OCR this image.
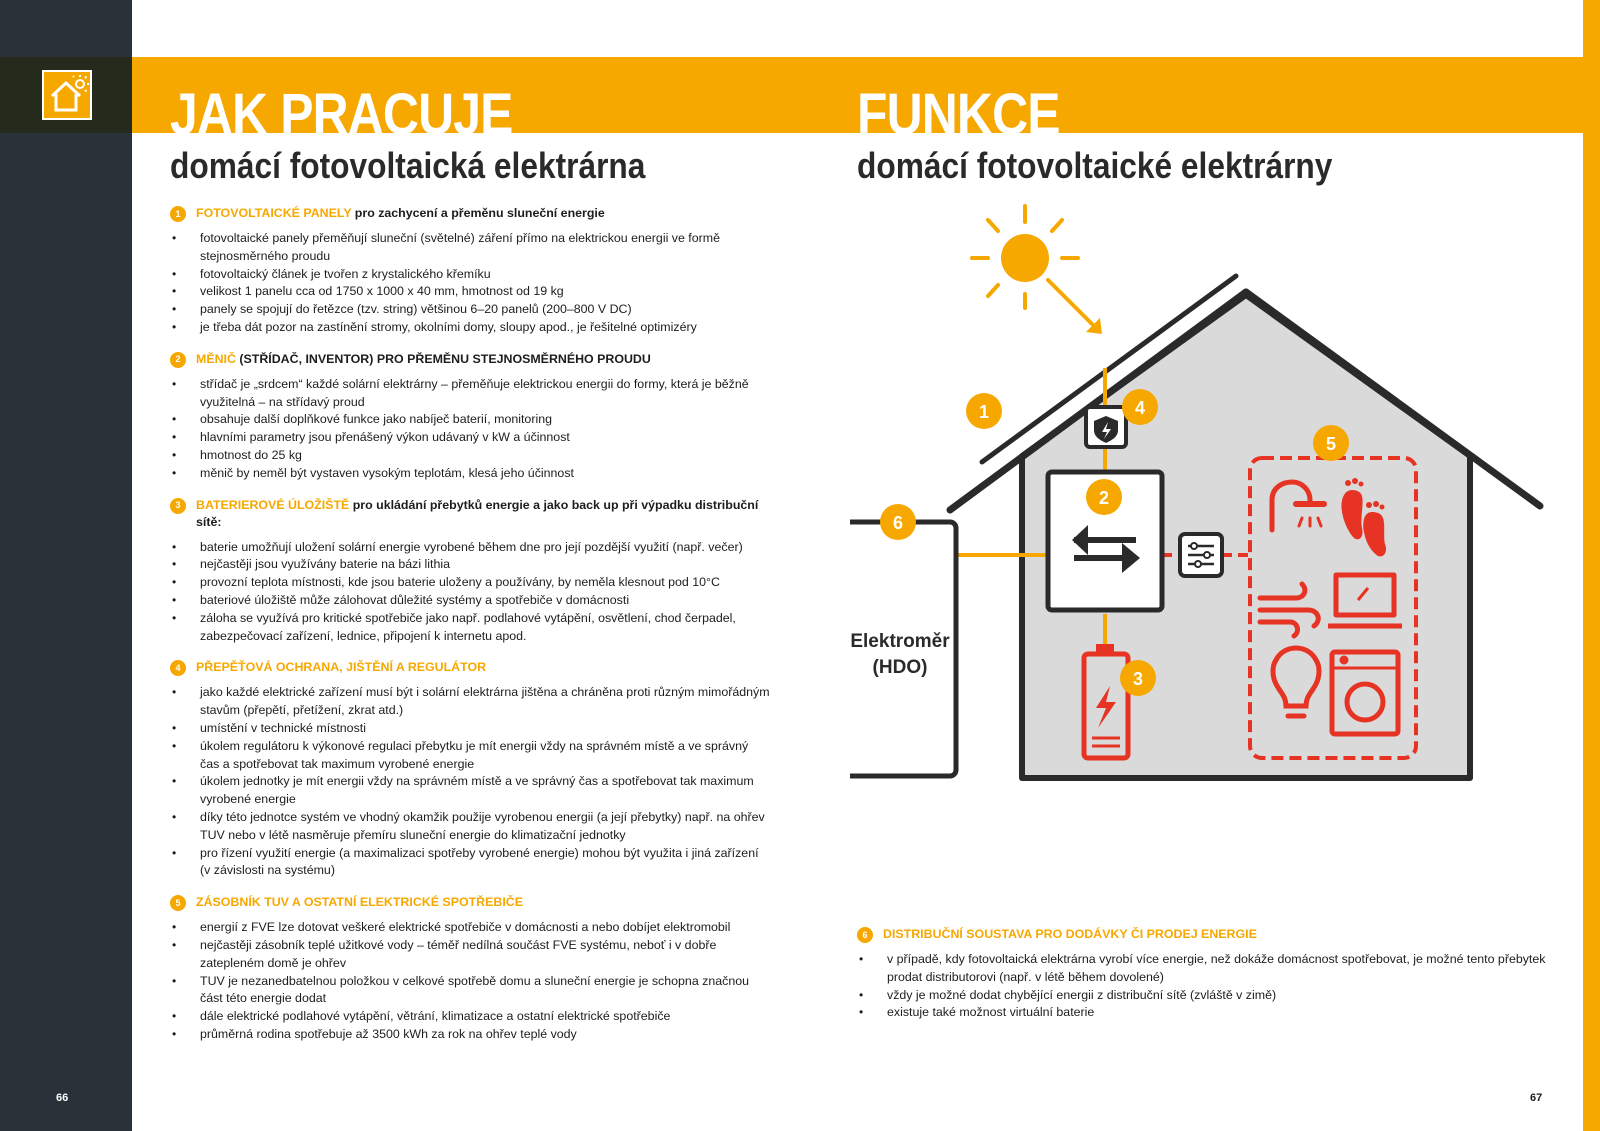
JAK PRACUJE
domácí fotovoltaická elektrárna
FUNKCE
domácí fotovoltaické elektrárny
1	FOTOVOLTAICKÉ PANELY pro zachycení a přeměnu sluneční energie
• fotovoltaické panely přeměňují sluneční (světelné) záření přímo na elektrickou energii ve formě stejnosměrného proudu
• fotovoltaický článek je tvořen z krystalického křemíku
• velikost 1 panelu cca od 1750 x 1000 x 40 mm, hmotnost od 19 kg
• panely se spojují do řetězce (tzv. string) většinou 6–20 panelů (200–800 V DC)
• je třeba dát pozor na zastínění stromy, okolními domy, sloupy apod., je řešitelné optimizéry
2	MĚNIČ (STŘÍDAČ, INVENTOR) PRO PŘEMĚNU STEJNOSMĚRNÉHO PROUDU
• střídač je „srdcem“ každé solární elektrárny – přeměňuje elektrickou energii do formy, která je běžně využitelná – na střídavý proud
• obsahuje další doplňkové funkce jako nabíječ baterií, monitoring
• hlavními parametry jsou přenášený výkon udávaný v kW a účinnost
• hmotnost do 25 kg
• měnič by neměl být vystaven vysokým teplotám, klesá jeho účinnost
3	BATERIEROVÉ ÚLOŽIŠTĚ pro ukládání přebytků energie a jako back up při výpadku distribuční sítě:
• baterie umožňují uložení solární energie vyrobené během dne pro její pozdější využití (např. večer)
• nejčastěji jsou využívány baterie na bázi lithia
• provozní teplota místnosti, kde jsou baterie uloženy a používány, by neměla klesnout pod 10°C
• bateriové úložiště může zálohovat důležité systémy a spotřebiče v domácnosti
• záloha se využívá pro kritické spotřebiče jako např. podlahové vytápění, osvětlení, chod čerpadel, zabezpečovací zařízení, lednice, připojení k internetu apod.
4	PŘEPĚŤOVÁ OCHRANA, JIŠTĚNÍ A REGULÁTOR
• jako každé elektrické zařízení musí být i solární elektrárna jištěna a chráněna proti různým mimořádným stavům (přepětí, přetížení, zkrat atd.)
• umístění v technické místnosti
• úkolem regulátoru k výkonové regulaci přebytku je mít energii vždy na správném místě a ve správný čas a spotřebovat tak maximum vyrobené energie
• úkolem jednotky je mít energii vždy na správném místě a ve správný čas a spotřebovat tak maximum vyrobené energie
• díky této jednotce systém ve vhodný okamžik použije vyrobenou energii (a její přebytky) např. na ohřev TUV nebo v létě nasměruje přemíru sluneční energie do klimatizační jednotky
• pro řízení využití energie (a maximalizaci spotřeby vyrobené energie) mohou být využita i jiná zařízení (v závislosti na systému)
5	ZÁSOBNÍK TUV A OSTATNÍ ELEKTRICKÉ SPOTŘEBIČE
• energií z FVE lze dotovat veškeré elektrické spotřebiče v domácnosti a nebo dobíjet elektromobil
• nejčastěji zásobník teplé užitkové vody – téměř nedílná součást FVE systému, neboť i v dobře zatepleném domě je ohřev
• TUV je nezanedbatelnou položkou v celkové spotřebě domu a sluneční energie je schopna značnou část této energie dodat
• dále elektrické podlahové vytápění, větrání, klimatizace a ostatní elektrické spotřebiče
• průměrná rodina spotřebuje až 3500 kWh za rok na ohřev teplé vody
6	DISTRIBUČNÍ SOUSTAVA PRO DODÁVKY ČI PRODEJ ENERGIE
• v případě, kdy fotovoltaická elektrárna vyrobí více energie, než dokáže domácnost spotřebovat, je možné tento přebytek prodat distributorovi (např. v létě během dovolené)
• vždy je možné dodat chybějící energii z distribuční sítě (zvláště v zimě)
• existuje také možnost virtuální baterie
Elektroměr
(HDO)
1	4
2
5
6
3
66	67
